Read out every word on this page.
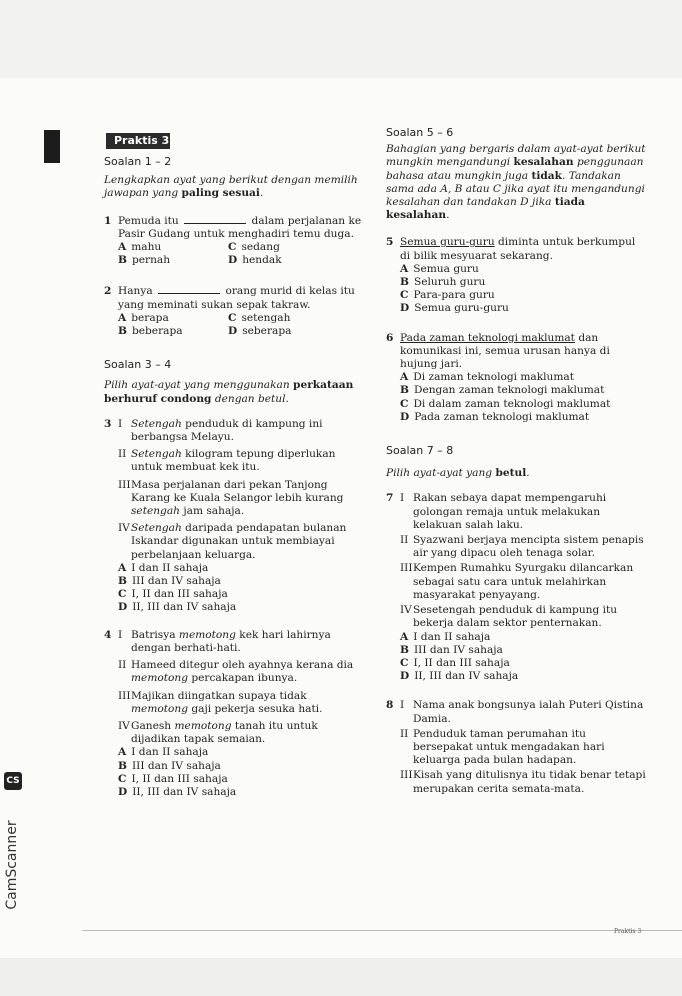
Praktis 3

Soalan 1 – 2

Lengkapkan ayat yang berikut dengan memilih jawapan yang paling sesuai.

1 Pemuda itu	dalam perjalanan ke
Pasir Gudang untuk menghadiri temu duga.
A mahu	C sedang
B pernah	D hendak
2 Hanya	orang murid di kelas itu
yang meminati sukan sepak takraw.
A berapa	C setengah
B beberapa	D seberapa

Soalan 3 – 4

Pilih ayat-ayat yang menggunakan perkataan berhuruf condong dengan betul.

3 I Setengah penduduk di kampung ini berbangsa Melayu.
II Setengah kilogram tepung diperlukan untuk membuat kek itu.
III Masa perjalanan dari pekan Tanjong Karang ke Kuala Selangor lebih kurang setengah jam sahaja.
IV Setengah daripada pendapatan bulanan Iskandar digunakan untuk membiayai perbelanjaan keluarga.
A I dan II sahaja
B III dan IV sahaja
C I, II dan III sahaja
D II, III dan IV sahaja
4 I Batrisya memotong kek hari lahirnya dengan berhati-hati.
II Hameed ditegur oleh ayahnya kerana dia memotong percakapan ibunya.
III Majikan diingatkan supaya tidak memotong gaji pekerja sesuka hati.
IV Ganesh memotong tanah itu untuk dijadikan tapak semaian.
A I dan II sahaja
B III dan IV sahaja
C I, II dan III sahaja
D II, III dan IV sahaja

Soalan 5 – 6

Bahagian yang bergaris dalam ayat-ayat berikut mungkin mengandungi kesalahan penggunaan bahasa atau mungkin juga tidak. Tandakan sama ada A, B atau C jika ayat itu mengandungi kesalahan dan tandakan D jika tiada kesalahan.

5 Semua guru-guru diminta untuk berkumpul di bilik mesyuarat sekarang.
A Semua guru
B Seluruh guru
C Para-para guru
D Semua guru-guru
6 Pada zaman teknologi maklumat dan komunikasi ini, semua urusan hanya di hujung jari.
A Di zaman teknologi maklumat
B Dengan zaman teknologi maklumat
C Di dalam zaman teknologi maklumat
D Pada zaman teknologi maklumat

Soalan 7 – 8

Pilih ayat-ayat yang betul.

7 I Rakan sebaya dapat mempengaruhi golongan remaja untuk melakukan kelakuan salah laku.
II Syazwani berjaya mencipta sistem penapis air yang dipacu oleh tenaga solar.
III Kempen Rumahku Syurgaku dilancarkan sebagai satu cara untuk melahirkan masyarakat penyayang.
IV Sesetengah penduduk di kampung itu bekerja dalam sektor penternakan.
A I dan II sahaja
B III dan IV sahaja
C I, II dan III sahaja
D II, III dan IV sahaja
8 I Nama anak bongsunya ialah Puteri Qistina Damia.
II Penduduk taman perumahan itu bersepakat untuk mengadakan hari keluarga pada bulan hadapan.
III Kisah yang ditulisnya itu tidak benar tetapi merupakan cerita semata-mata.
CS
CamScanner
Praktis 3
